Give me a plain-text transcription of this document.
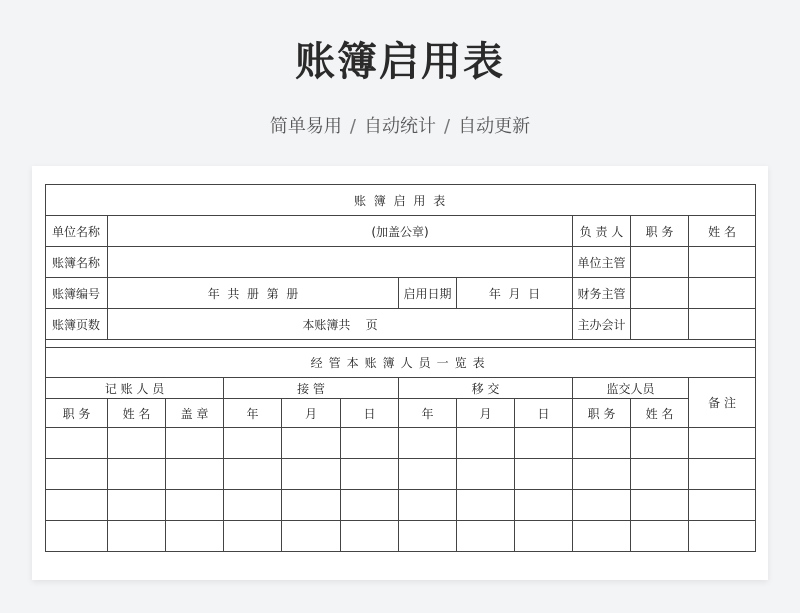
账簿启用表
简单易用 / 自动统计 / 自动更新
账 簿 启 用 表											
单位名称	(加盖公章)								负 责 人	职 务	姓 名
账簿名称									单位主管		
账簿编号	年  共  册  第  册					启用日期	年  月  日		财务主管		
账簿页数	本账簿共    页								主办会计		

经管本账簿人员一览表											
记 账 人 员			接 管			移 交			监交人员		备 注
职 务	姓 名	盖 章	年	月	日	年	月	日	职 务	姓 名	
